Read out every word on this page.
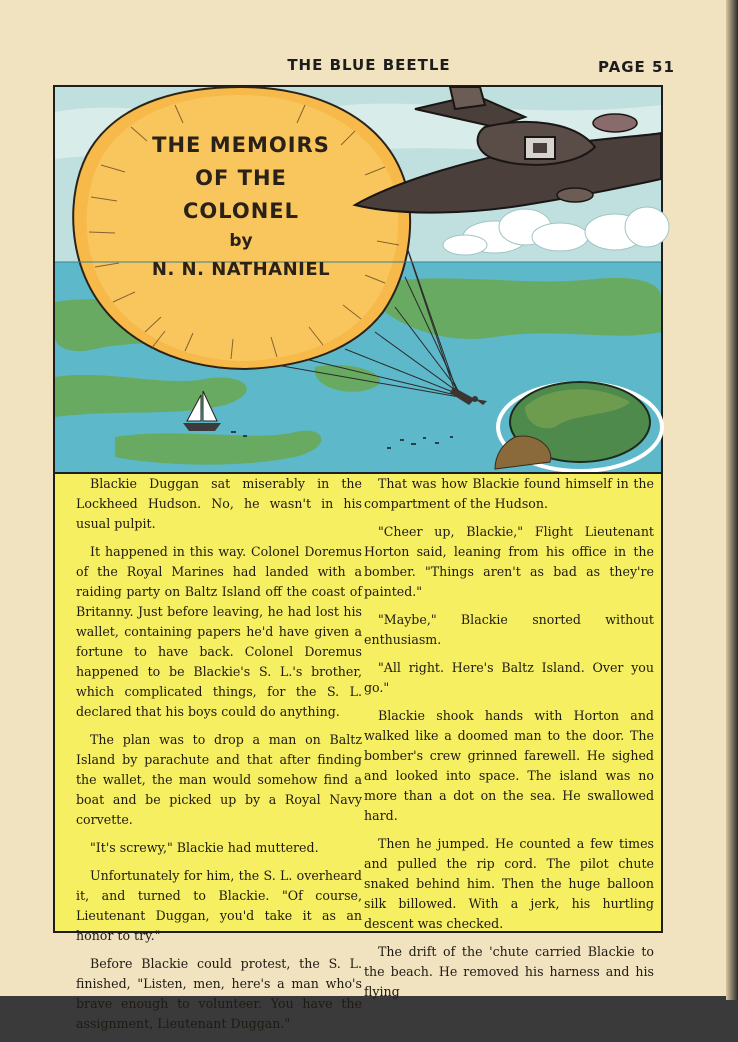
THE BLUE BEETLE	PAGE 51
THE MEMOIRS
OF THE
COLONEL
by
N. N. NATHANIEL

Blackie Duggan sat miserably in the Lockheed Hudson. No, he wasn't in his usual pulpit.

It happened in this way. Colonel Doremus of the Royal Marines had landed with a raiding party on Baltz Island off the coast of Britanny. Just before leaving, he had lost his wallet, containing papers he'd have given a fortune to have back. Colonel Doremus happened to be Blackie's S. L.'s brother, which complicated things, for the S. L. declared that his boys could do anything.

The plan was to drop a man on Baltz Island by parachute and that after finding the wallet, the man would somehow find a boat and be picked up by a Royal Navy corvette.

"It's screwy," Blackie had muttered.

Unfortunately for him, the S. L. overheard it, and turned to Blackie. "Of course, Lieutenant Duggan, you'd take it as an honor to try."

Before Blackie could protest, the S. L. finished, "Listen, men, here's a man who's brave enough to volunteer. You have the assignment, Lieutenant Duggan."

That was how Blackie found himself in the compartment of the Hudson.

"Cheer up, Blackie," Flight Lieutenant Horton said, leaning from his office in the bomber. "Things aren't as bad as they're painted."

"Maybe," Blackie snorted without enthusiasm.

"All right. Here's Baltz Island. Over you go."

Blackie shook hands with Horton and walked like a doomed man to the door. The bomber's crew grinned farewell. He sighed and looked into space. The island was no more than a dot on the sea. He swallowed hard.

Then he jumped. He counted a few times and pulled the rip cord. The pilot chute snaked behind him. Then the huge balloon silk billowed. With a jerk, his hurtling descent was checked.

The drift of the 'chute carried Blackie to the beach. He removed his harness and his flying
